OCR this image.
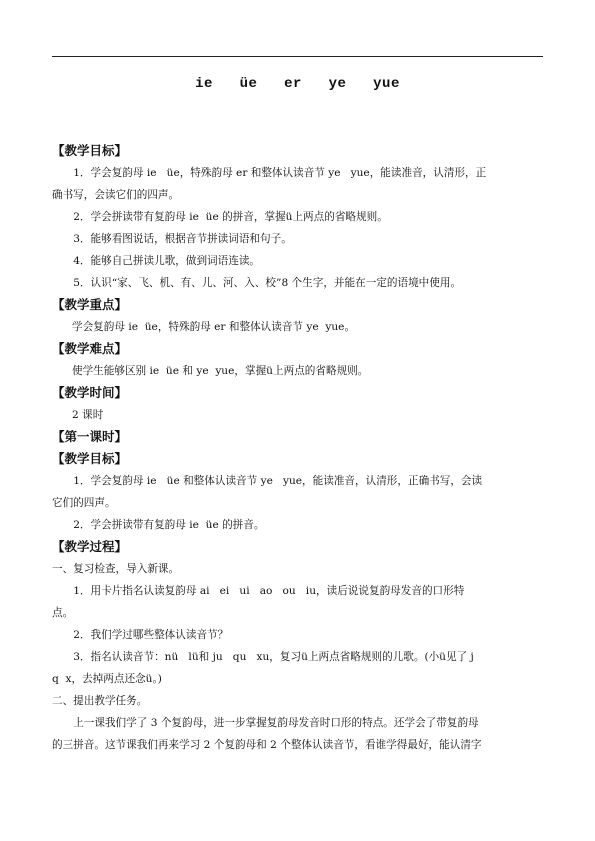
ie   üe   er   ye   yue

【教学目标】

1．学会复韵母 ie   üe，特殊韵母 er 和整体认读音节 ye   yue，能读准音，认清形，正

确书写，会读它们的四声。

2．学会拼读带有复韵母 ie  üe 的拼音，掌握ü上两点的省略规则。

3．能够看图说话，根据音节拼读词语和句子。

4．能够自己拼读儿歌，做到词语连读。

5．认识“家、飞、机、有、儿、河、入、校”8 个生字，并能在一定的语境中使用。

【教学重点】

学会复韵母 ie  üe，特殊韵母 er 和整体认读音节 ye  yue。

【教学难点】

使学生能够区别 ie  üe 和 ye  yue，掌握ü上两点的省略规则。

【教学时间】

2 课时

【第一课时】

【教学目标】

1．学会复韵母 ie   üe 和整体认读音节 ye   yue，能读准音，认清形，正确书写，会读

它们的四声。

2．学会拼读带有复韵母 ie  üe 的拼音。

【教学过程】

一、复习检查，导入新课。

1．用卡片指名认读复韵母 ai   ei   ui   ao   ou   iu，读后说说复韵母发音的口形特

点。

2．我们学过哪些整体认读音节？

3．指名认读音节：nü   lü和 ju   qu   xu，复习ü上两点省略规则的儿歌。(小ü见了 j

q  x，去掉两点还念ü。)

二、提出教学任务。

上一课我们学了 3 个复韵母，进一步掌握复韵母发音时口形的特点。还学会了带复韵母

的三拼音。这节课我们再来学习 2 个复韵母和 2 个整体认读音节，看谁学得最好，能认清字
